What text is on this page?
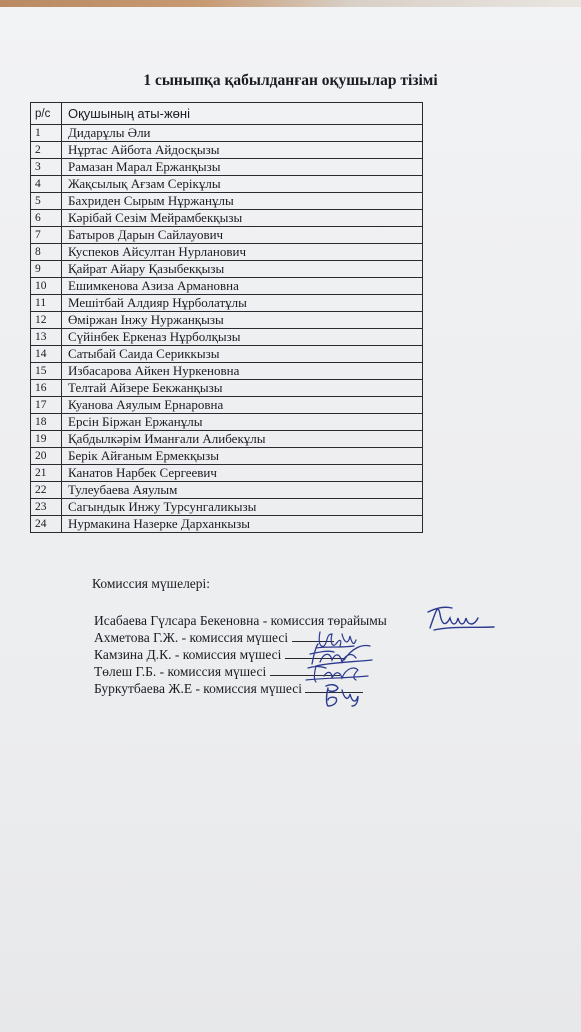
1 сыныпқа қабылданған оқушылар тізімі
р/с	Оқушының аты-жөні
1	Дидарұлы Әли
2	Нұртас Айбота Айдосқызы
3	Рамазан Марал Ержанқызы
4	Жақсылық Ағзам Серікұлы
5	Бахриден Сырым Нұржанұлы
6	Кәрібай Сезім Мейрамбекқызы
7	Батыров Дарын Сайлауович
8	Куспеков Айсултан Нурланович
9	Қайрат Айару Қазыбекқызы
10	Ешимкенова Азиза Армановна
11	Мешітбай Алдияр Нұрболатұлы
12	Өміржан Інжу Нуржанқызы
13	Сүйінбек Еркеназ Нұрболқызы
14	Сатыбай Саида Сериккызы
15	Избасарова Айкен Нуркеновна
16	Телтай Айзере Бекжанқызы
17	Куанова Аяулым Ернаровна
18	Ерсін Біржан Ержанұлы
19	Қабдылкәрім Иманғали Алибекұлы
20	Берік Айғаным Ермекқызы
21	Канатов Нарбек Сергеевич
22	Тулеубаева Аяулым
23	Сагындык Инжу Турсунгаликызы
24	Нурмакина Назерке Дарханкызы
Комиссия мүшелері:
Исабаева Гүлсара Бекеновна - комиссия төрайымы
Ахметова Г.Ж. - комиссия мүшесі
Камзина Д.К. - комиссия мүшесі
Төлеш Г.Б. - комиссия мүшесі
Буркутбаева Ж.Е - комиссия мүшесі
